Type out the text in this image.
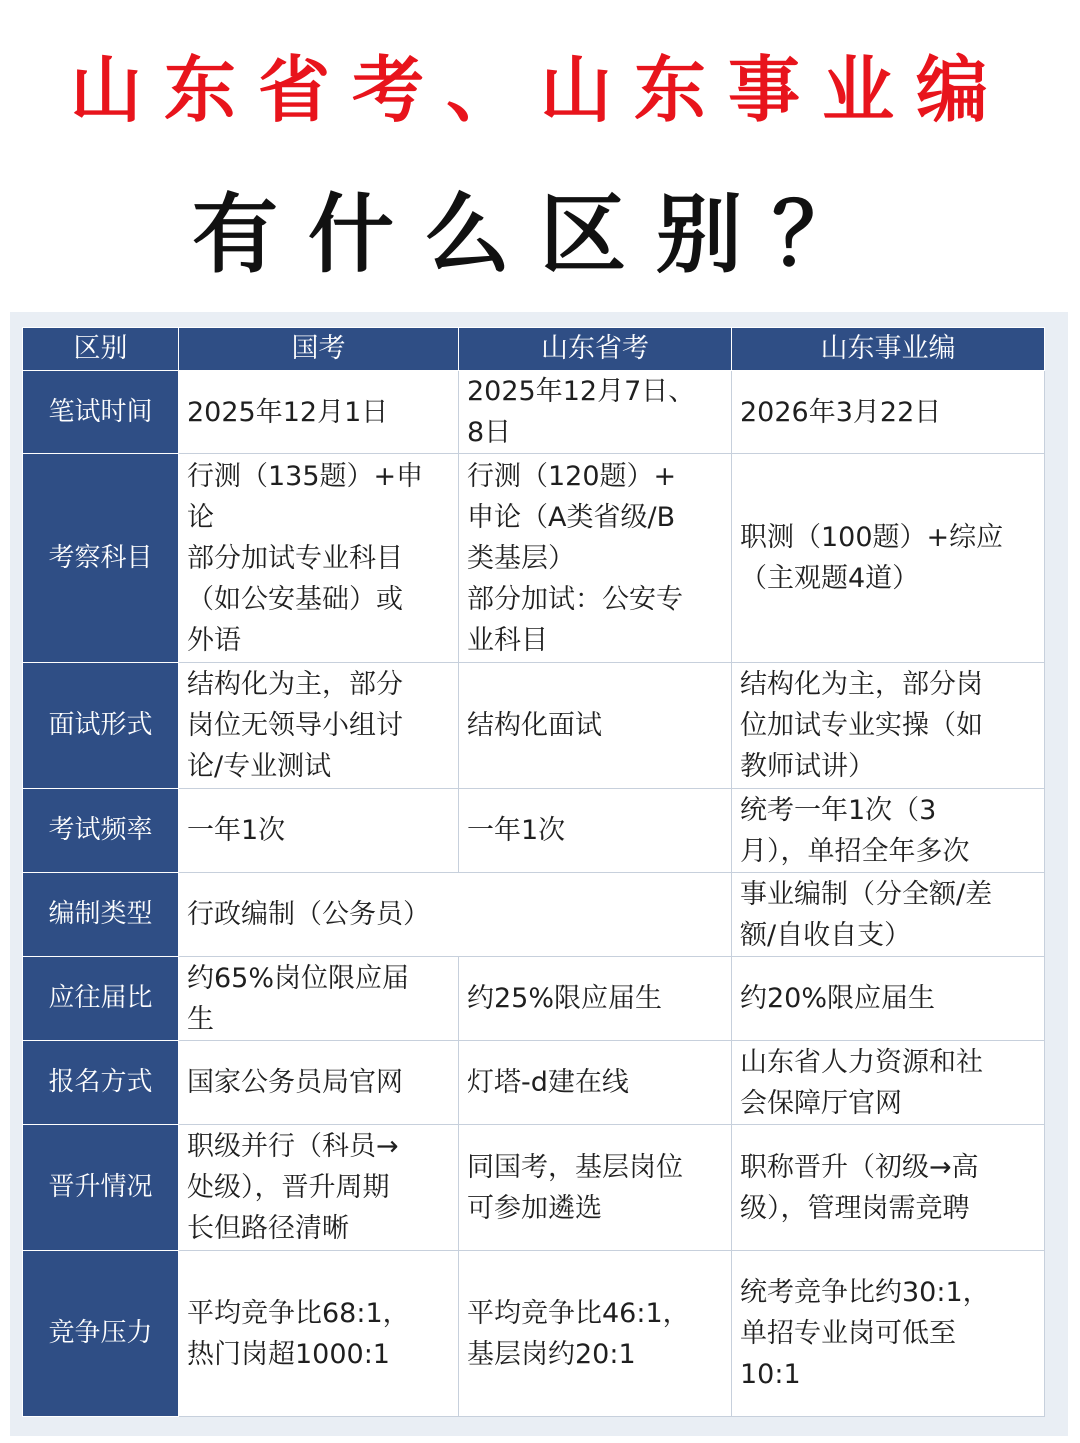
山东省考、山东事业编
有什么区别？
区别	国考	山东省考	山东事业编
笔试时间	2025年12月1日	2025年12月7日、
8日	2026年3月22日
考察科目	行测（135题）+申
论
部分加试专业科目
（如公安基础）或
外语	行测（120题）+
申论（A类省级/B
类基层）
部分加试：公安专
业科目	职测（100题）+综应
（主观题4道）
面试形式	结构化为主，部分
岗位无领导小组讨
论/专业测试	结构化面试	结构化为主，部分岗
位加试专业实操（如
教师试讲）
考试频率	一年1次	一年1次	统考一年1次（3
月），单招全年多次
编制类型	行政编制（公务员）		事业编制（分全额/差
额/自收自支）
应往届比	约65%岗位限应届
生	约25%限应届生	约20%限应届生
报名方式	国家公务员局官网	灯塔-d建在线	山东省人力资源和社
会保障厅官网
晋升情况	职级并行（科员→
处级），晋升周期
长但路径清晰	同国考，基层岗位
可参加遴选	职称晋升（初级→高
级），管理岗需竞聘
竞争压力	平均竞争比68:1，
热门岗超1000:1	平均竞争比46:1，
基层岗约20:1	统考竞争比约30:1，
单招专业岗可低至
10:1
